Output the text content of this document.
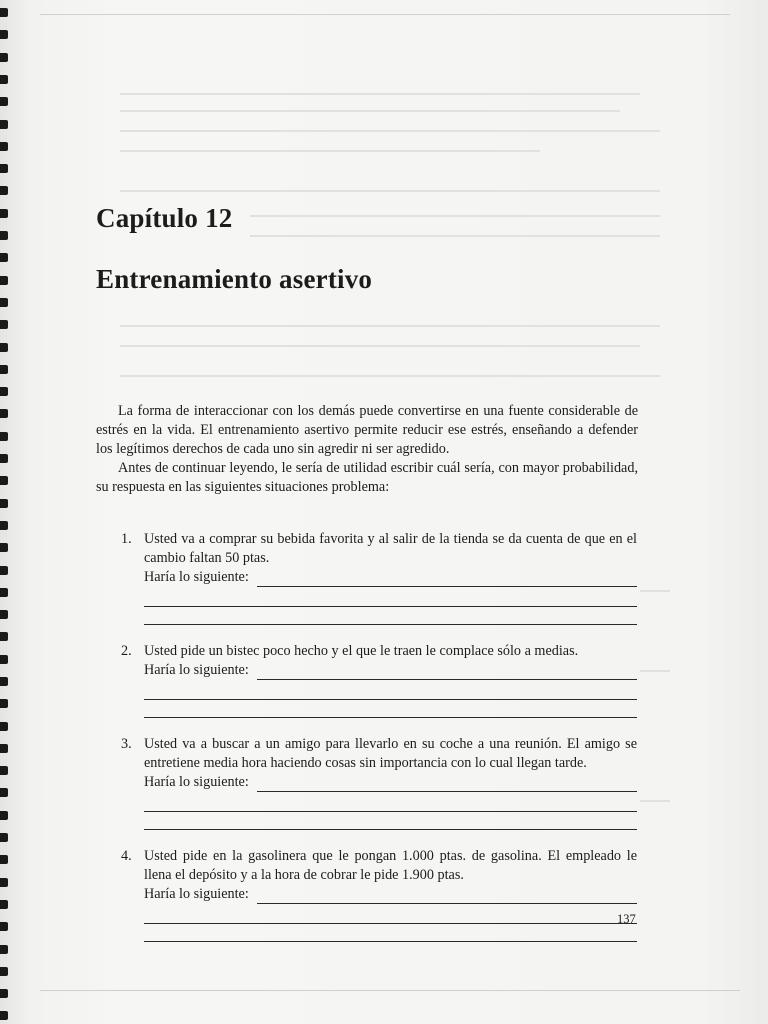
Capítulo 12
Entrenamiento asertivo

La forma de interaccionar con los demás puede convertirse en una fuente considerable de estrés en la vida. El entrenamiento asertivo permite reducir ese estrés, enseñando a defender los legítimos derechos de cada uno sin agredir ni ser agredido.

Antes de continuar leyendo, le sería de utilidad escribir cuál sería, con mayor probabilidad, su respuesta en las siguientes situaciones problema:

1. Usted va a comprar su bebida favorita y al salir de la tienda se da cuenta de que en el cambio faltan 50 ptas.
Haría lo siguiente:
2. Usted pide un bistec poco hecho y el que le traen le complace sólo a medias.
Haría lo siguiente:
3. Usted va a buscar a un amigo para llevarlo en su coche a una reunión. El amigo se entretiene media hora haciendo cosas sin importancia con lo cual llegan tarde.
Haría lo siguiente:
4. Usted pide en la gasolinera que le pongan 1.000 ptas. de gasolina. El empleado le llena el depósito y a la hora de cobrar le pide 1.900 ptas.
Haría lo siguiente:
137
